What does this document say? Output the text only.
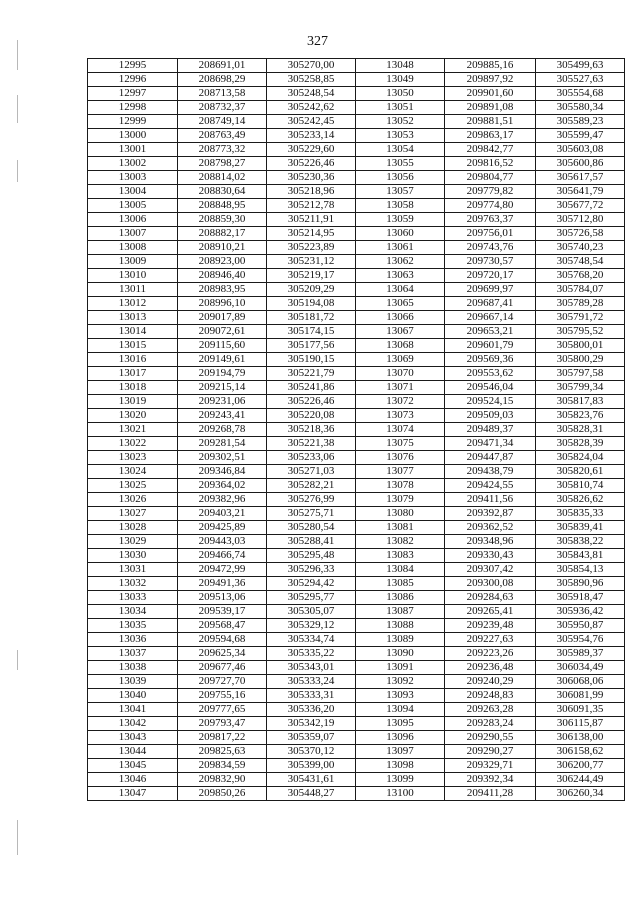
327
12995	208691,01	305270,00	13048	209885,16	305499,63
12996	208698,29	305258,85	13049	209897,92	305527,63
12997	208713,58	305248,54	13050	209901,60	305554,68
12998	208732,37	305242,62	13051	209891,08	305580,34
12999	208749,14	305242,45	13052	209881,51	305589,23
13000	208763,49	305233,14	13053	209863,17	305599,47
13001	208773,32	305229,60	13054	209842,77	305603,08
13002	208798,27	305226,46	13055	209816,52	305600,86
13003	208814,02	305230,36	13056	209804,77	305617,57
13004	208830,64	305218,96	13057	209779,82	305641,79
13005	208848,95	305212,78	13058	209774,80	305677,72
13006	208859,30	305211,91	13059	209763,37	305712,80
13007	208882,17	305214,95	13060	209756,01	305726,58
13008	208910,21	305223,89	13061	209743,76	305740,23
13009	208923,00	305231,12	13062	209730,57	305748,54
13010	208946,40	305219,17	13063	209720,17	305768,20
13011	208983,95	305209,29	13064	209699,97	305784,07
13012	208996,10	305194,08	13065	209687,41	305789,28
13013	209017,89	305181,72	13066	209667,14	305791,72
13014	209072,61	305174,15	13067	209653,21	305795,52
13015	209115,60	305177,56	13068	209601,79	305800,01
13016	209149,61	305190,15	13069	209569,36	305800,29
13017	209194,79	305221,79	13070	209553,62	305797,58
13018	209215,14	305241,86	13071	209546,04	305799,34
13019	209231,06	305226,46	13072	209524,15	305817,83
13020	209243,41	305220,08	13073	209509,03	305823,76
13021	209268,78	305218,36	13074	209489,37	305828,31
13022	209281,54	305221,38	13075	209471,34	305828,39
13023	209302,51	305233,06	13076	209447,87	305824,04
13024	209346,84	305271,03	13077	209438,79	305820,61
13025	209364,02	305282,21	13078	209424,55	305810,74
13026	209382,96	305276,99	13079	209411,56	305826,62
13027	209403,21	305275,71	13080	209392,87	305835,33
13028	209425,89	305280,54	13081	209362,52	305839,41
13029	209443,03	305288,41	13082	209348,96	305838,22
13030	209466,74	305295,48	13083	209330,43	305843,81
13031	209472,99	305296,33	13084	209307,42	305854,13
13032	209491,36	305294,42	13085	209300,08	305890,96
13033	209513,06	305295,77	13086	209284,63	305918,47
13034	209539,17	305305,07	13087	209265,41	305936,42
13035	209568,47	305329,12	13088	209239,48	305950,87
13036	209594,68	305334,74	13089	209227,63	305954,76
13037	209625,34	305335,22	13090	209223,26	305989,37
13038	209677,46	305343,01	13091	209236,48	306034,49
13039	209727,70	305333,24	13092	209240,29	306068,06
13040	209755,16	305333,31	13093	209248,83	306081,99
13041	209777,65	305336,20	13094	209263,28	306091,35
13042	209793,47	305342,19	13095	209283,24	306115,87
13043	209817,22	305359,07	13096	209290,55	306138,00
13044	209825,63	305370,12	13097	209290,27	306158,62
13045	209834,59	305399,00	13098	209329,71	306200,77
13046	209832,90	305431,61	13099	209392,34	306244,49
13047	209850,26	305448,27	13100	209411,28	306260,34
